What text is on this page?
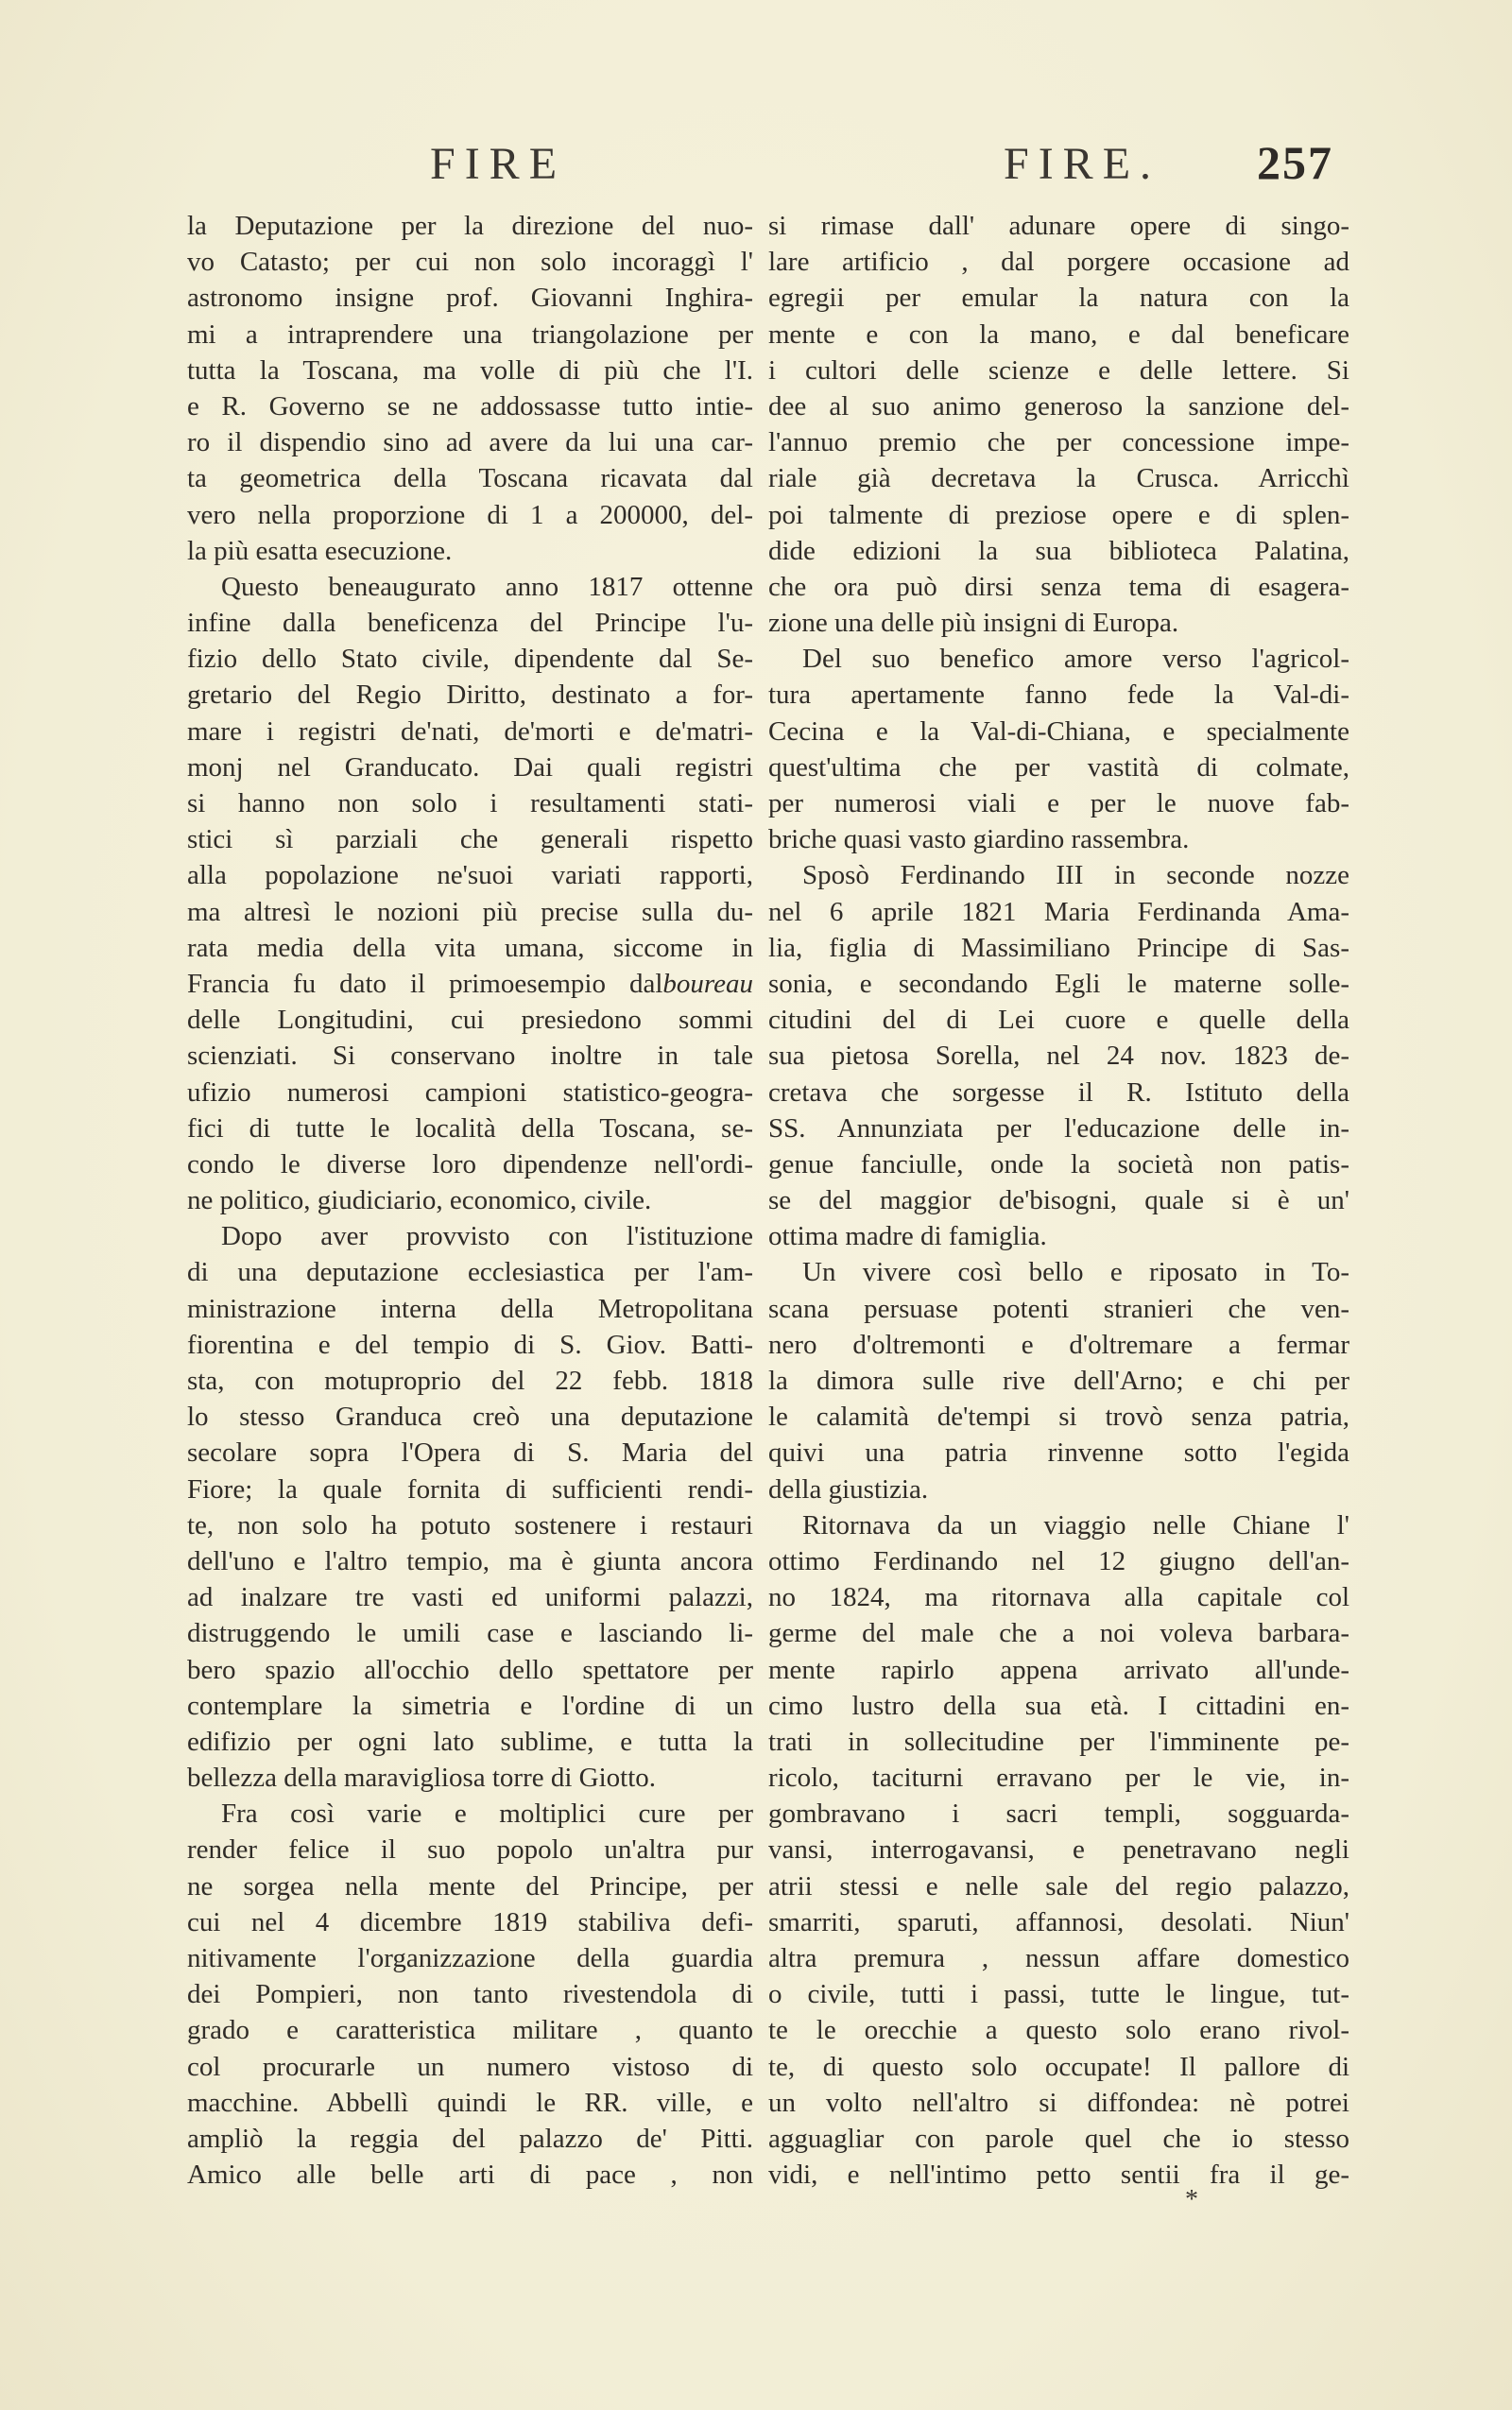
FIRE	FIRE. 257
la Deputazione per la direzione del nuo-
vo Catasto; per cui non solo incoraggì l'
astronomo insigne prof. Giovanni Inghira-
mi a intraprendere una triangolazione per
tutta la Toscana, ma volle di più che l'I.
e R. Governo se ne addossasse tutto intie-
ro il dispendio sino ad avere da lui una car-
ta geometrica della Toscana ricavata dal
vero nella proporzione di 1 a 200000, del-
la più esatta esecuzione.
Questo beneaugurato anno 1817 ottenne
infine dalla beneficenza del Principe l'u-
fizio dello Stato civile, dipendente dal Se-
gretario del Regio Diritto, destinato a for-
mare i registri de'nati, de'morti e de'matri-
monj nel Granducato. Dai quali registri
si hanno non solo i resultamenti stati-
stici sì parziali che generali rispetto
alla popolazione ne'suoi variati rapporti,
ma altresì le nozioni più precise sulla du-
rata media della vita umana, siccome in
Francia fu dato il primoesempio dalboureau
delle Longitudini, cui presiedono sommi
scienziati. Si conservano inoltre in tale
ufizio numerosi campioni statistico-geogra-
fici di tutte le località della Toscana, se-
condo le diverse loro dipendenze nell'ordi-
ne politico, giudiciario, economico, civile.
Dopo aver provvisto con l'istituzione
di una deputazione ecclesiastica per l'am-
ministrazione interna della Metropolitana
fiorentina e del tempio di S. Giov. Batti-
sta, con motuproprio del 22 febb. 1818
lo stesso Granduca creò una deputazione
secolare sopra l'Opera di S. Maria del
Fiore; la quale fornita di sufficienti rendi-
te, non solo ha potuto sostenere i restauri
dell'uno e l'altro tempio, ma è giunta ancora
ad inalzare tre vasti ed uniformi palazzi,
distruggendo le umili case e lasciando li-
bero spazio all'occhio dello spettatore per
contemplare la simetria e l'ordine di un
edifizio per ogni lato sublime, e tutta la
bellezza della maravigliosa torre di Giotto.
Fra così varie e moltiplici cure per
render felice il suo popolo un'altra pur
ne sorgea nella mente del Principe, per
cui nel 4 dicembre 1819 stabiliva defi-
nitivamente l'organizzazione della guardia
dei Pompieri, non tanto rivestendola di
grado e caratteristica militare , quanto
col procurarle un numero vistoso di
macchine. Abbellì quindi le RR. ville, e
ampliò la reggia del palazzo de' Pitti.
Amico alle belle arti di pace , non
si rimase dall' adunare opere di singo-
lare artificio , dal porgere occasione ad
egregii per emular la natura con la
mente e con la mano, e dal beneficare
i cultori delle scienze e delle lettere. Si
dee al suo animo generoso la sanzione del-
l'annuo premio che per concessione impe-
riale già decretava la Crusca. Arricchì
poi talmente di preziose opere e di splen-
dide edizioni la sua biblioteca Palatina,
che ora può dirsi senza tema di esagera-
zione una delle più insigni di Europa.
Del suo benefico amore verso l'agricol-
tura apertamente fanno fede la Val-di-
Cecina e la Val-di-Chiana, e specialmente
quest'ultima che per vastità di colmate,
per numerosi viali e per le nuove fab-
briche quasi vasto giardino rassembra.
Sposò Ferdinando III in seconde nozze
nel 6 aprile 1821 Maria Ferdinanda Ama-
lia, figlia di Massimiliano Principe di Sas-
sonia, e secondando Egli le materne solle-
citudini del di Lei cuore e quelle della
sua pietosa Sorella, nel 24 nov. 1823 de-
cretava che sorgesse il R. Istituto della
SS. Annunziata per l'educazione delle in-
genue fanciulle, onde la società non patis-
se del maggior de'bisogni, quale si è un'
ottima madre di famiglia.
Un vivere così bello e riposato in To-
scana persuase potenti stranieri che ven-
nero d'oltremonti e d'oltremare a fermar
la dimora sulle rive dell'Arno; e chi per
le calamità de'tempi si trovò senza patria,
quivi una patria rinvenne sotto l'egida
della giustizia.
Ritornava da un viaggio nelle Chiane l'
ottimo Ferdinando nel 12 giugno dell'an-
no 1824, ma ritornava alla capitale col
germe del male che a noi voleva barbara-
mente rapirlo appena arrivato all'unde-
cimo lustro della sua età. I cittadini en-
trati in sollecitudine per l'imminente pe-
ricolo, taciturni erravano per le vie, in-
gombravano i sacri templi, sogguarda-
vansi, interrogavansi, e penetravano negli
atrii stessi e nelle sale del regio palazzo,
smarriti, sparuti, affannosi, desolati. Niun'
altra premura , nessun affare domestico
o civile, tutti i passi, tutte le lingue, tut-
te le orecchie a questo solo erano rivol-
te, di questo solo occupate! Il pallore di
un volto nell'altro si diffondea: nè potrei
agguagliar con parole quel che io stesso
vidi, e nell'intimo petto sentii fra il ge-
*
